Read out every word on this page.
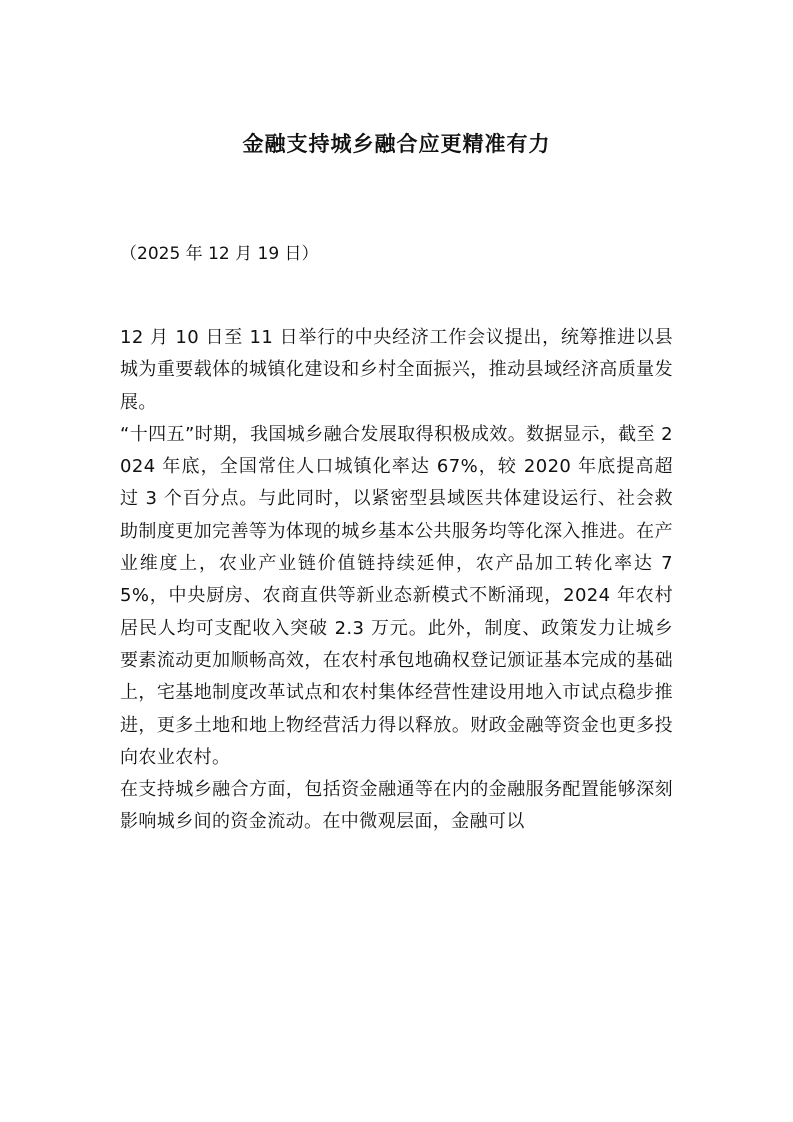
金融支持城乡融合应更精准有力
（2025 年 12 月 19 日）

12 月 10 日至 11 日举行的中央经济工作会议提出，统筹推进以县城为重要载体的城镇化建设和乡村全面振兴，推动县域经济高质量发展。

“十四五”时期，我国城乡融合发展取得积极成效。数据显示，截至 2024 年底，全国常住人口城镇化率达 67%，较 2020 年底提高超过 3 个百分点。与此同时，以紧密型县域医共体建设运行、社会救助制度更加完善等为体现的城乡基本公共服务均等化深入推进。在产业维度上，农业产业链价值链持续延伸，农产品加工转化率达 75%，中央厨房、农商直供等新业态新模式不断涌现，2024 年农村居民人均可支配收入突破 2.3 万元。此外，制度、政策发力让城乡要素流动更加顺畅高效，在农村承包地确权登记颁证基本完成的基础上，宅基地制度改革试点和农村集体经营性建设用地入市试点稳步推进，更多土地和地上物经营活力得以释放。财政金融等资金也更多投向农业农村。

在支持城乡融合方面，包括资金融通等在内的金融服务配置能够深刻影响城乡间的资金流动。在中微观层面，金融可以
